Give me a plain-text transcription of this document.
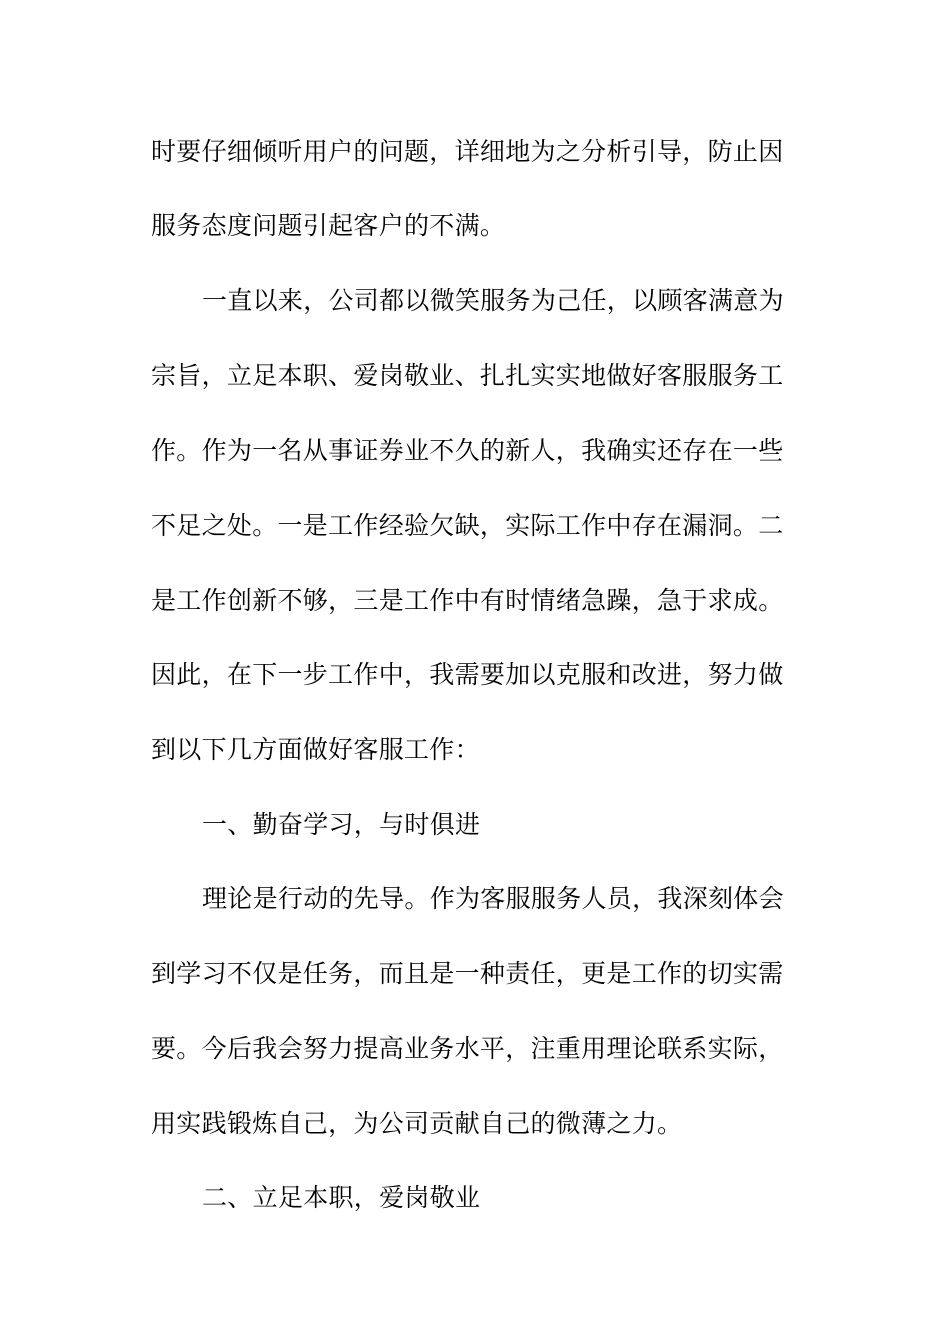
时要仔细倾听用户的问题，详细地为之分析引导，防止因
服务态度问题引起客户的不满。
一直以来，公司都以微笑服务为己任，以顾客满意为
宗旨，立足本职、爱岗敬业、扎扎实实地做好客服服务工
作。作为一名从事证券业不久的新人，我确实还存在一些
不足之处。一是工作经验欠缺，实际工作中存在漏洞。二
是工作创新不够，三是工作中有时情绪急躁，急于求成。
因此，在下一步工作中，我需要加以克服和改进，努力做
到以下几方面做好客服工作：
一、勤奋学习，与时俱进
理论是行动的先导。作为客服服务人员，我深刻体会
到学习不仅是任务，而且是一种责任，更是工作的切实需
要。今后我会努力提高业务水平，注重用理论联系实际，
用实践锻炼自己，为公司贡献自己的微薄之力。
二、立足本职，爱岗敬业
